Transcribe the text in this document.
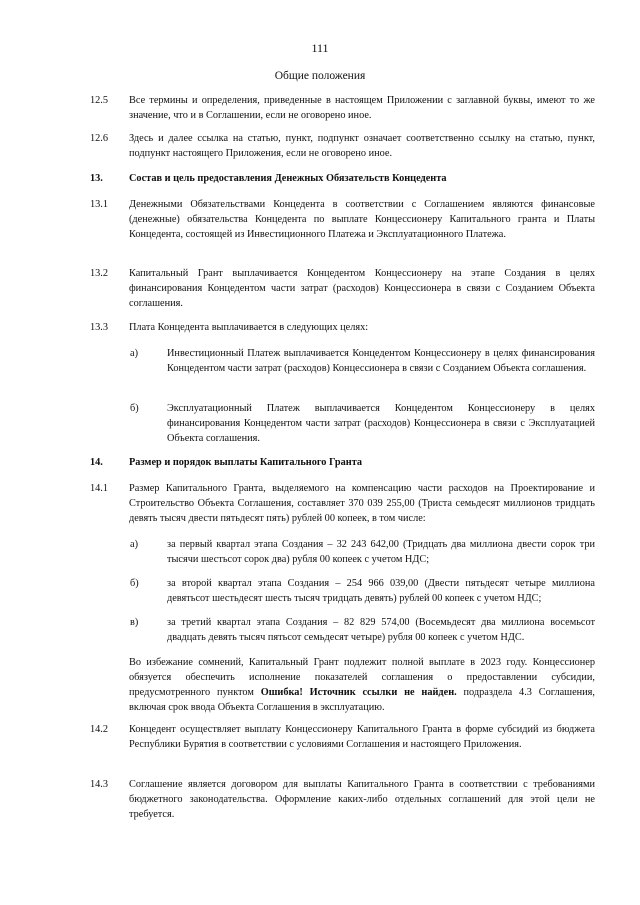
111
Общие положения
12.5	Все термины и определения, приведенные в настоящем Приложении с заглавной буквы, имеют то же значение, что и в Соглашении, если не оговорено иное.
12.6	Здесь и далее ссылка на статью, пункт, подпункт означает соответственно ссылку на статью, пункт, подпункт настоящего Приложения, если не оговорено иное.
13.	Состав и цель предоставления Денежных Обязательств Концедента
13.1	Денежными Обязательствами Концедента в соответствии с Соглашением являются финансовые (денежные) обязательства Концедента по выплате Концессионеру Капитального гранта и Платы Концедента, состоящей из Инвестиционного Платежа и Эксплуатационного Платежа.
13.2	Капитальный Грант выплачивается Концедентом Концессионеру на этапе Создания в целях финансирования Концедентом части затрат (расходов) Концессионера в связи с Созданием Объекта соглашения.
13.3	Плата Концедента выплачивается в следующих целях:
а)	Инвестиционный Платеж выплачивается Концедентом Концессионеру в целях финансирования Концедентом части затрат (расходов) Концессионера в связи с Созданием Объекта соглашения.
б)	Эксплуатационный Платеж выплачивается Концедентом Концессионеру в целях финансирования Концедентом части затрат (расходов) Концессионера в связи с Эксплуатацией Объекта соглашения.
14.	Размер и порядок выплаты Капитального Гранта
14.1	Размер Капитального Гранта, выделяемого на компенсацию части расходов на Проектирование и Строительство Объекта Соглашения, составляет 370 039 255,00 (Триста семьдесят миллионов тридцать девять тысяч двести пятьдесят пять) рублей 00 копеек, в том числе:
а)	за первый квартал этапа Создания – 32 243 642,00 (Тридцать два миллиона двести сорок три тысячи шестьсот сорок два) рубля 00 копеек с учетом НДС;
б)	за второй квартал этапа Создания – 254 966 039,00 (Двести пятьдесят четыре миллиона девятьсот шестьдесят шесть тысяч тридцать девять) рублей 00 копеек с учетом НДС;
в)	за третий квартал этапа Создания – 82 829 574,00 (Восемьдесят два миллиона восемьсот двадцать девять тысяч пятьсот семьдесят четыре) рубля 00 копеек с учетом НДС.
Во избежание сомнений, Капитальный Грант подлежит полной выплате в 2023 году. Концессионер обязуется обеспечить исполнение показателей соглашения о предоставлении субсидии, предусмотренного пунктом Ошибка! Источник ссылки не найден. подраздела 4.3 Соглашения, включая срок ввода Объекта Соглашения в эксплуатацию.
14.2	Концедент осуществляет выплату Концессионеру Капитального Гранта в форме субсидий из бюджета Республики Бурятия в соответствии с условиями Соглашения и настоящего Приложения.
14.3	Соглашение является договором для выплаты Капитального Гранта в соответствии с требованиями бюджетного законодательства. Оформление каких-либо отдельных соглашений для этой цели не требуется.
